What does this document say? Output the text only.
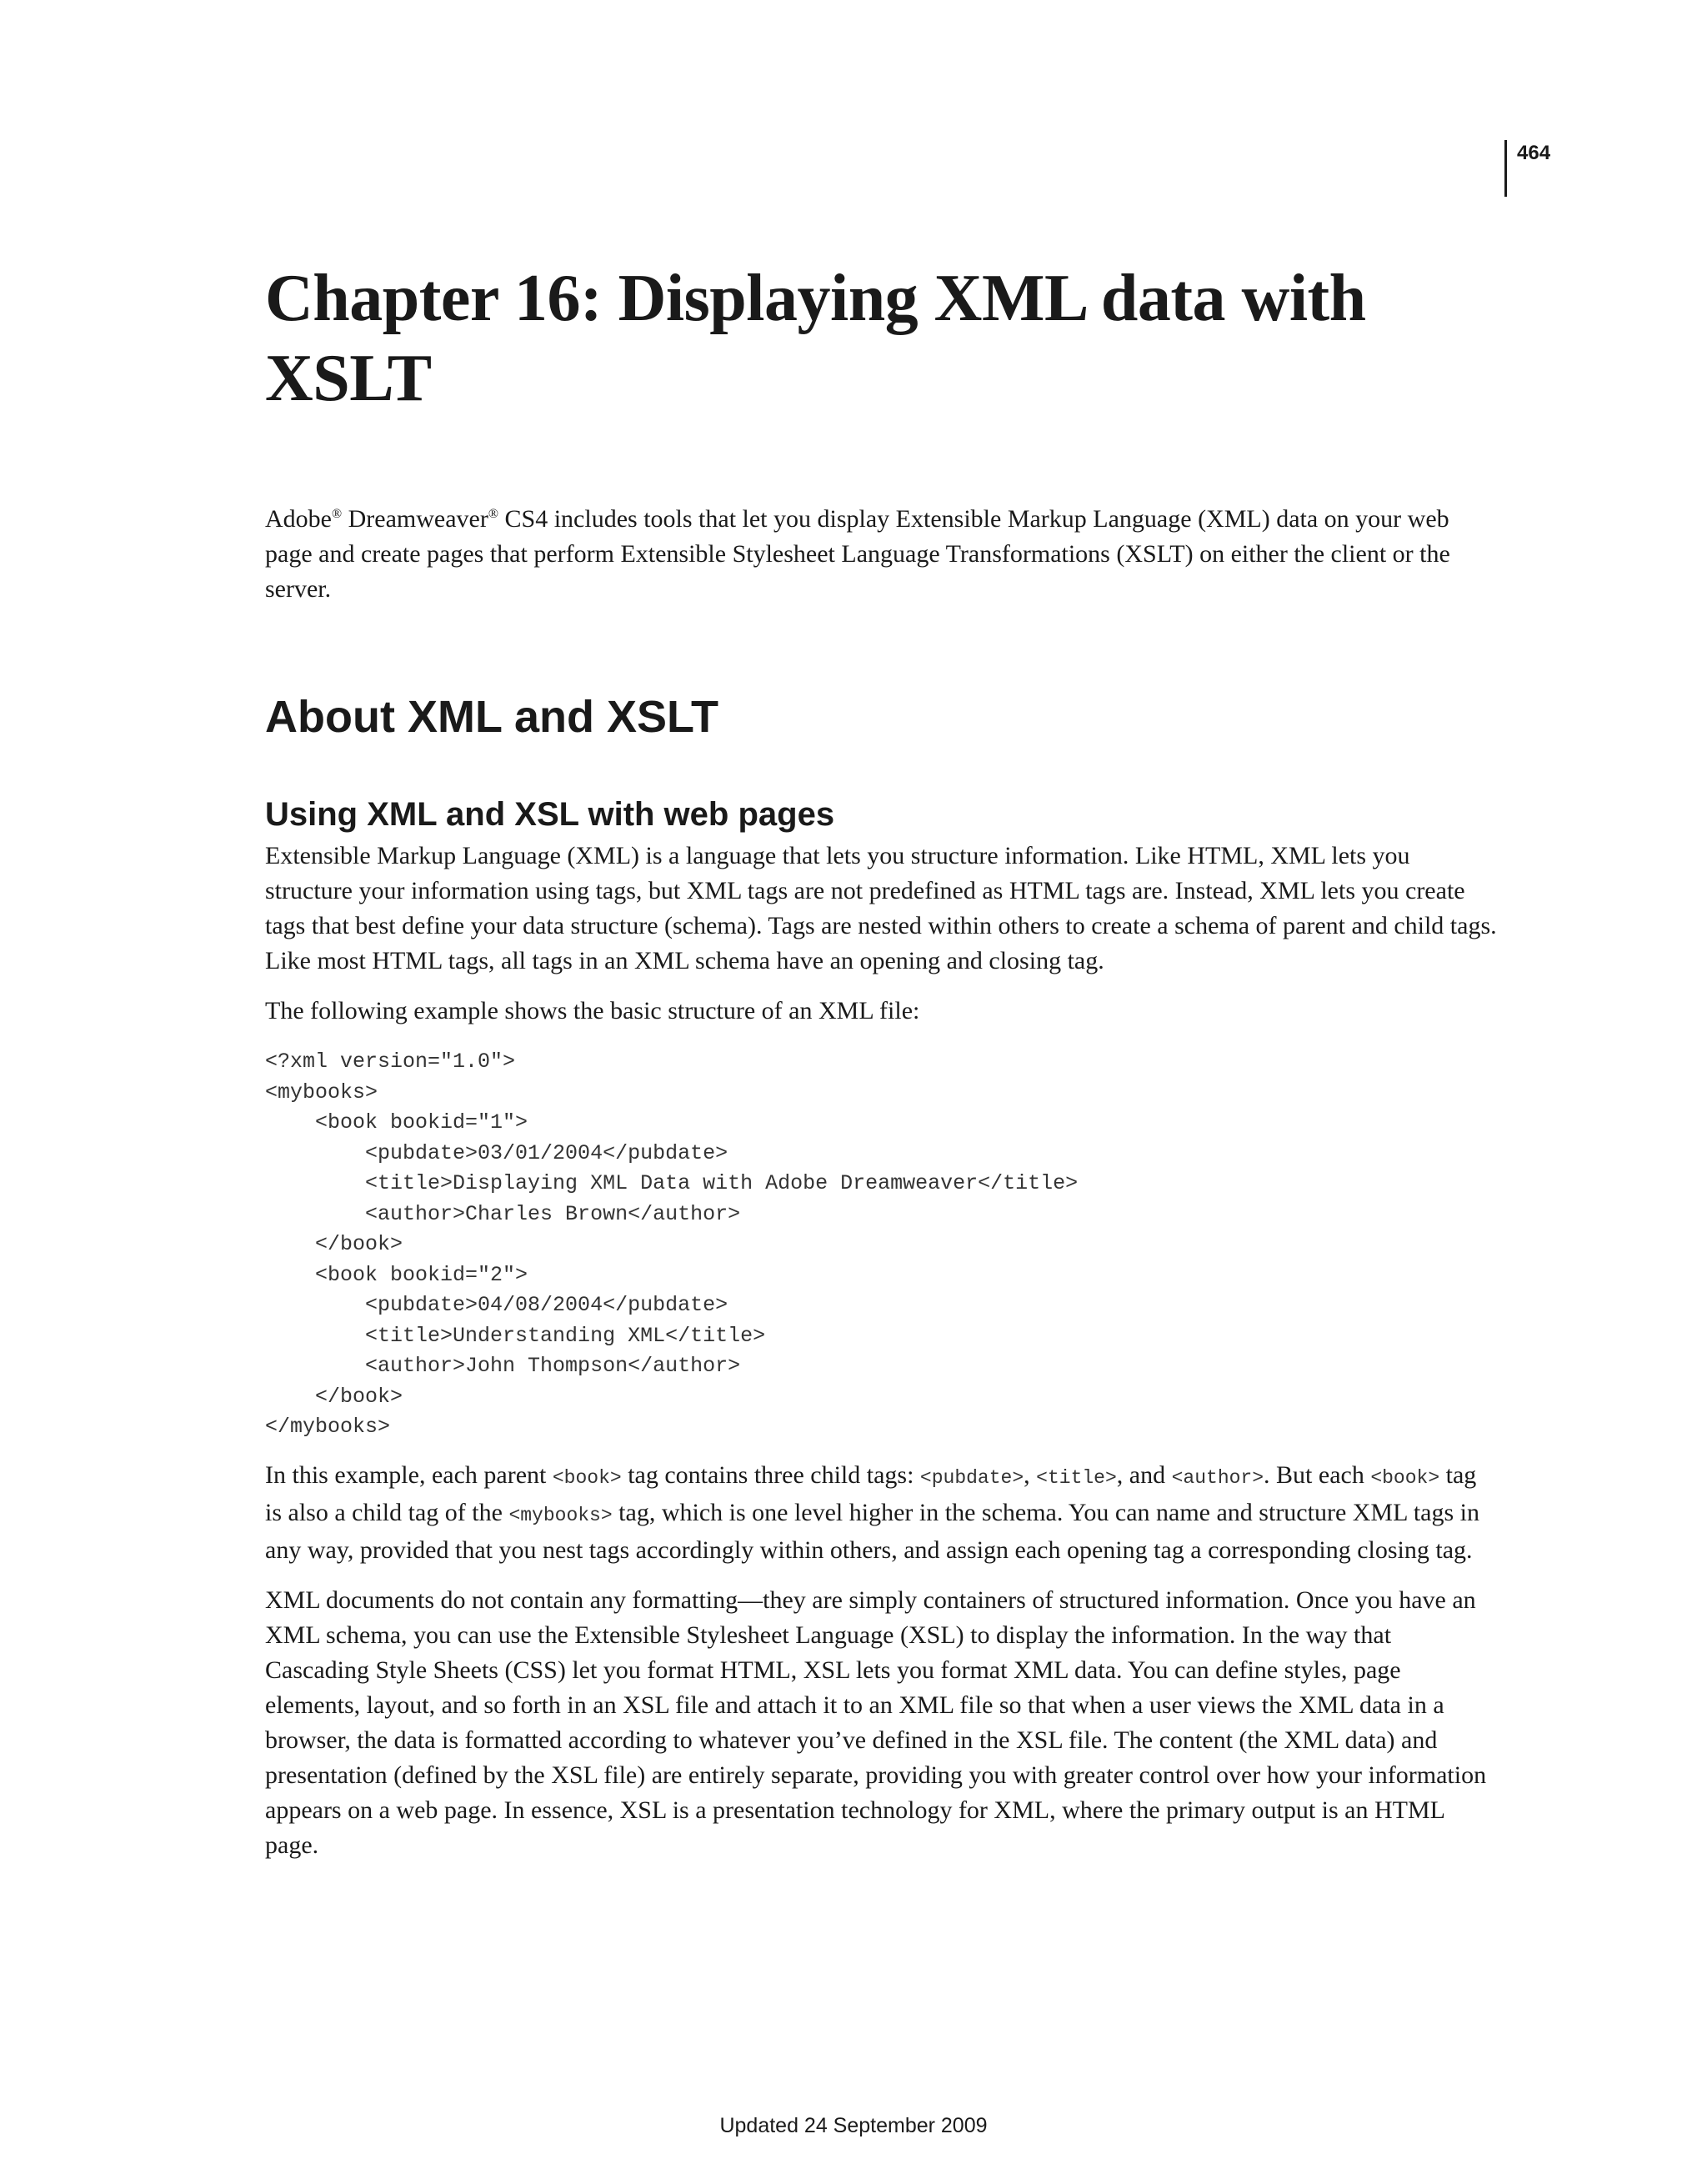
464
Chapter 16: Displaying XML data with XSLT

Adobe® Dreamweaver® CS4 includes tools that let you display Extensible Markup Language (XML) data on your web page and create pages that perform Extensible Stylesheet Language Transformations (XSLT) on either the client or the server.

About XML and XSLT
Using XML and XSL with web pages

Extensible Markup Language (XML) is a language that lets you structure information. Like HTML, XML lets you structure your information using tags, but XML tags are not predefined as HTML tags are. Instead, XML lets you create tags that best define your data structure (schema). Tags are nested within others to create a schema of parent and child tags. Like most HTML tags, all tags in an XML schema have an opening and closing tag.

The following example shows the basic structure of an XML file:

<?xml version="1.0">
<mybooks>
<book bookid="1">
<pubdate>03/01/2004</pubdate>
<title>Displaying XML Data with Adobe Dreamweaver</title>
<author>Charles Brown</author>
</book>
<book bookid="2">
<pubdate>04/08/2004</pubdate>
<title>Understanding XML</title>
<author>John Thompson</author>
</book>
</mybooks>

In this example, each parent <book> tag contains three child tags: <pubdate>, <title>, and <author>. But each <book> tag is also a child tag of the <mybooks> tag, which is one level higher in the schema. You can name and structure XML tags in any way, provided that you nest tags accordingly within others, and assign each opening tag a corresponding closing tag.

XML documents do not contain any formatting—they are simply containers of structured information. Once you have an XML schema, you can use the Extensible Stylesheet Language (XSL) to display the information. In the way that Cascading Style Sheets (CSS) let you format HTML, XSL lets you format XML data. You can define styles, page elements, layout, and so forth in an XSL file and attach it to an XML file so that when a user views the XML data in a browser, the data is formatted according to whatever you’ve defined in the XSL file. The content (the XML data) and presentation (defined by the XSL file) are entirely separate, providing you with greater control over how your information appears on a web page. In essence, XSL is a presentation technology for XML, where the primary output is an HTML page.

Updated 24 September 2009
